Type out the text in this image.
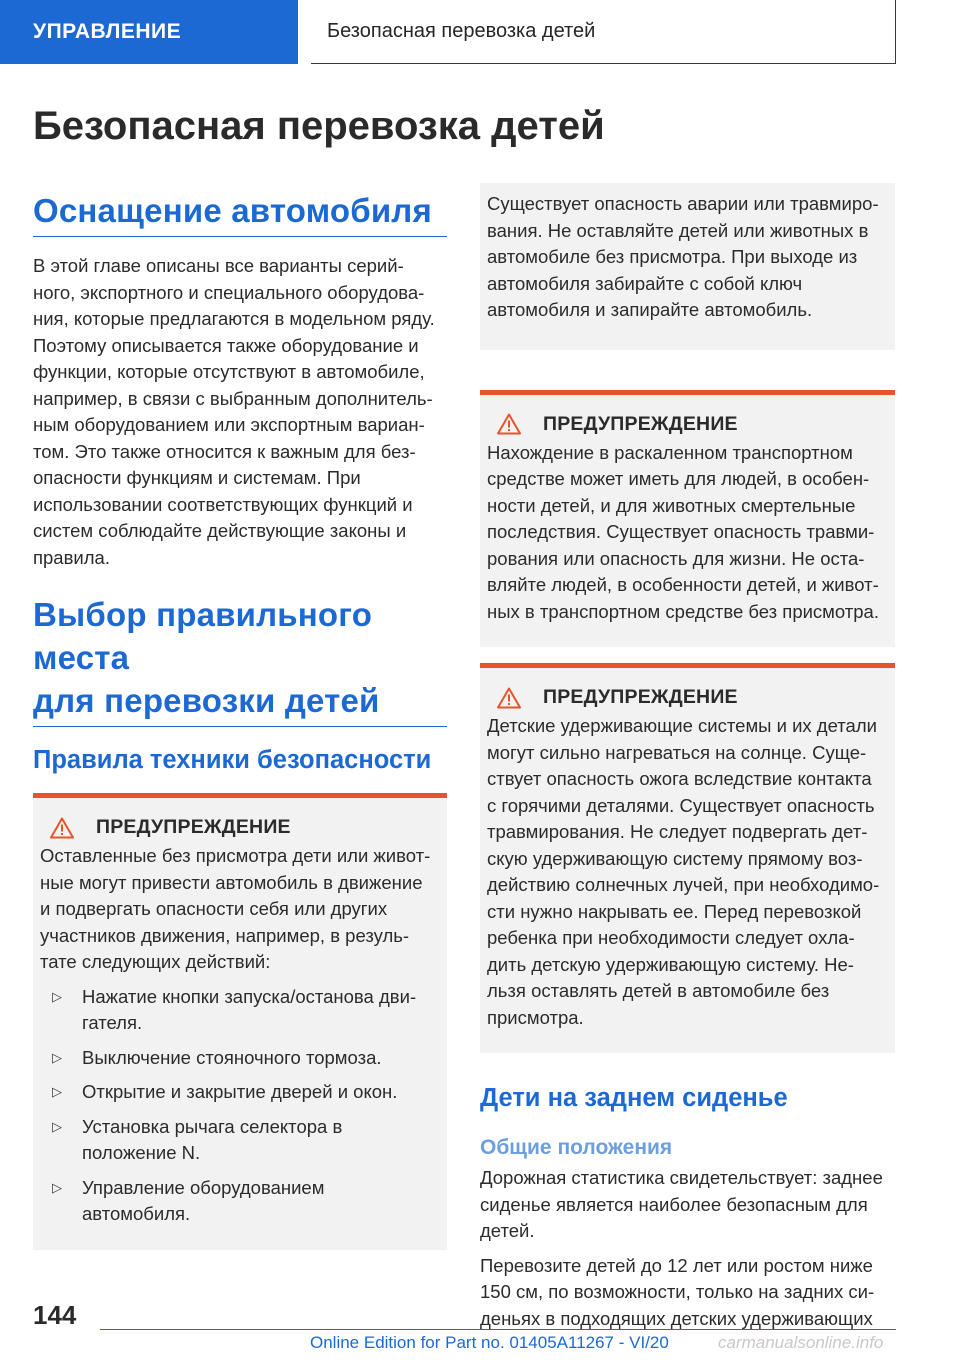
УПРАВЛЕНИЕ	Безопасная перевозка детей
Безопасная перевозка детей
Оснащение автомобиля
В этой главе описаны все варианты серий-
ного, экспортного и специального оборудова-
ния, которые предлагаются в модельном ряду.
Поэтому описывается также оборудование и
функции, которые отсутствуют в автомобиле,
например, в связи с выбранным дополнитель-
ным оборудованием или экспортным вариан-
том. Это также относится к важным для без-
опасности функциям и системам. При
использовании соответствующих функций и
систем соблюдайте действующие законы и
правила.
Выбор правильного места
для перевозки детей
Правила техники безопасности
ПРЕДУПРЕЖДЕНИЕ
Оставленные без присмотра дети или живот-
ные могут привести автомобиль в движение
и подвергать опасности себя или других
участников движения, например, в резуль-
тате следующих действий:
▷	Нажатие кнопки запуска/останова дви-
гателя.
▷	Выключение стояночного тормоза.
▷	Открытие и закрытие дверей и окон.
▷	Установка рычага селектора в
положение N.
▷	Управление оборудованием
автомобиля.
Существует опасность аварии или травмиро-
вания. Не оставляйте детей или животных в
автомобиле без присмотра. При выходе из
автомобиля забирайте с собой ключ
автомобиля и запирайте автомобиль.
ПРЕДУПРЕЖДЕНИЕ
Нахождение в раскаленном транспортном
средстве может иметь для людей, в особен-
ности детей, и для животных смертельные
последствия. Существует опасность травми-
рования или опасность для жизни. Не оста-
вляйте людей, в особенности детей, и живот-
ных в транспортном средстве без присмотра.
ПРЕДУПРЕЖДЕНИЕ
Детские удерживающие системы и их детали
могут сильно нагреваться на солнце. Суще-
ствует опасность ожога вследствие контакта
с горячими деталями. Существует опасность
травмирования. Не следует подвергать дет-
скую удерживающую систему прямому воз-
действию солнечных лучей, при необходимо-
сти нужно накрывать ее. Перед перевозкой
ребенка при необходимости следует охла-
дить детскую удерживающую систему. Не-
льзя оставлять детей в автомобиле без
присмотра.
Дети на заднем сиденье
Общие положения
Дорожная статистика свидетельствует: заднее
сиденье является наиболее безопасным для
детей.
Перевозите детей до 12 лет или ростом ниже
150 см, по возможности, только на задних си-
деньях в подходящих детских удерживающих
144
Online Edition for Part no. 01405A11267 - VI/20	carmanualsonline.info
